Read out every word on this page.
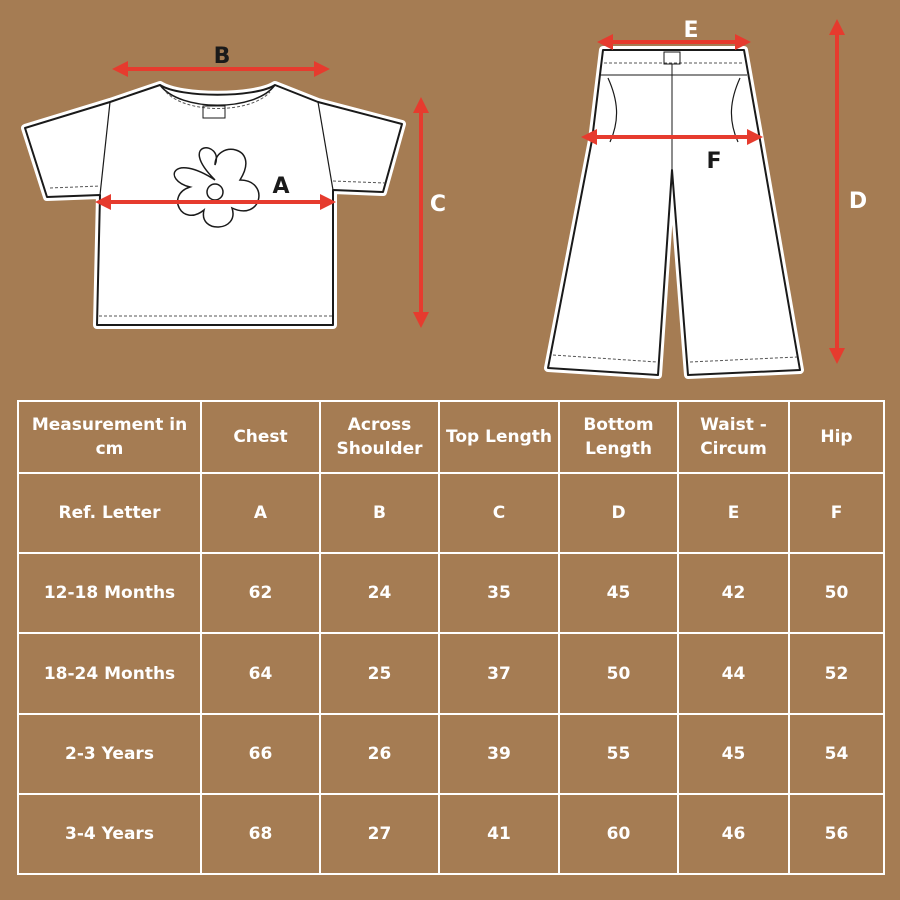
B
A
C
E
F
D
Measurement in cm	Chest	Across Shoulder	Top Length	Bottom Length	Waist - Circum	Hip
Ref. Letter	A	B	C	D	E	F
12-18 Months	62	24	35	45	42	50
18-24 Months	64	25	37	50	44	52
2-3 Years	66	26	39	55	45	54
3-4 Years	68	27	41	60	46	56
